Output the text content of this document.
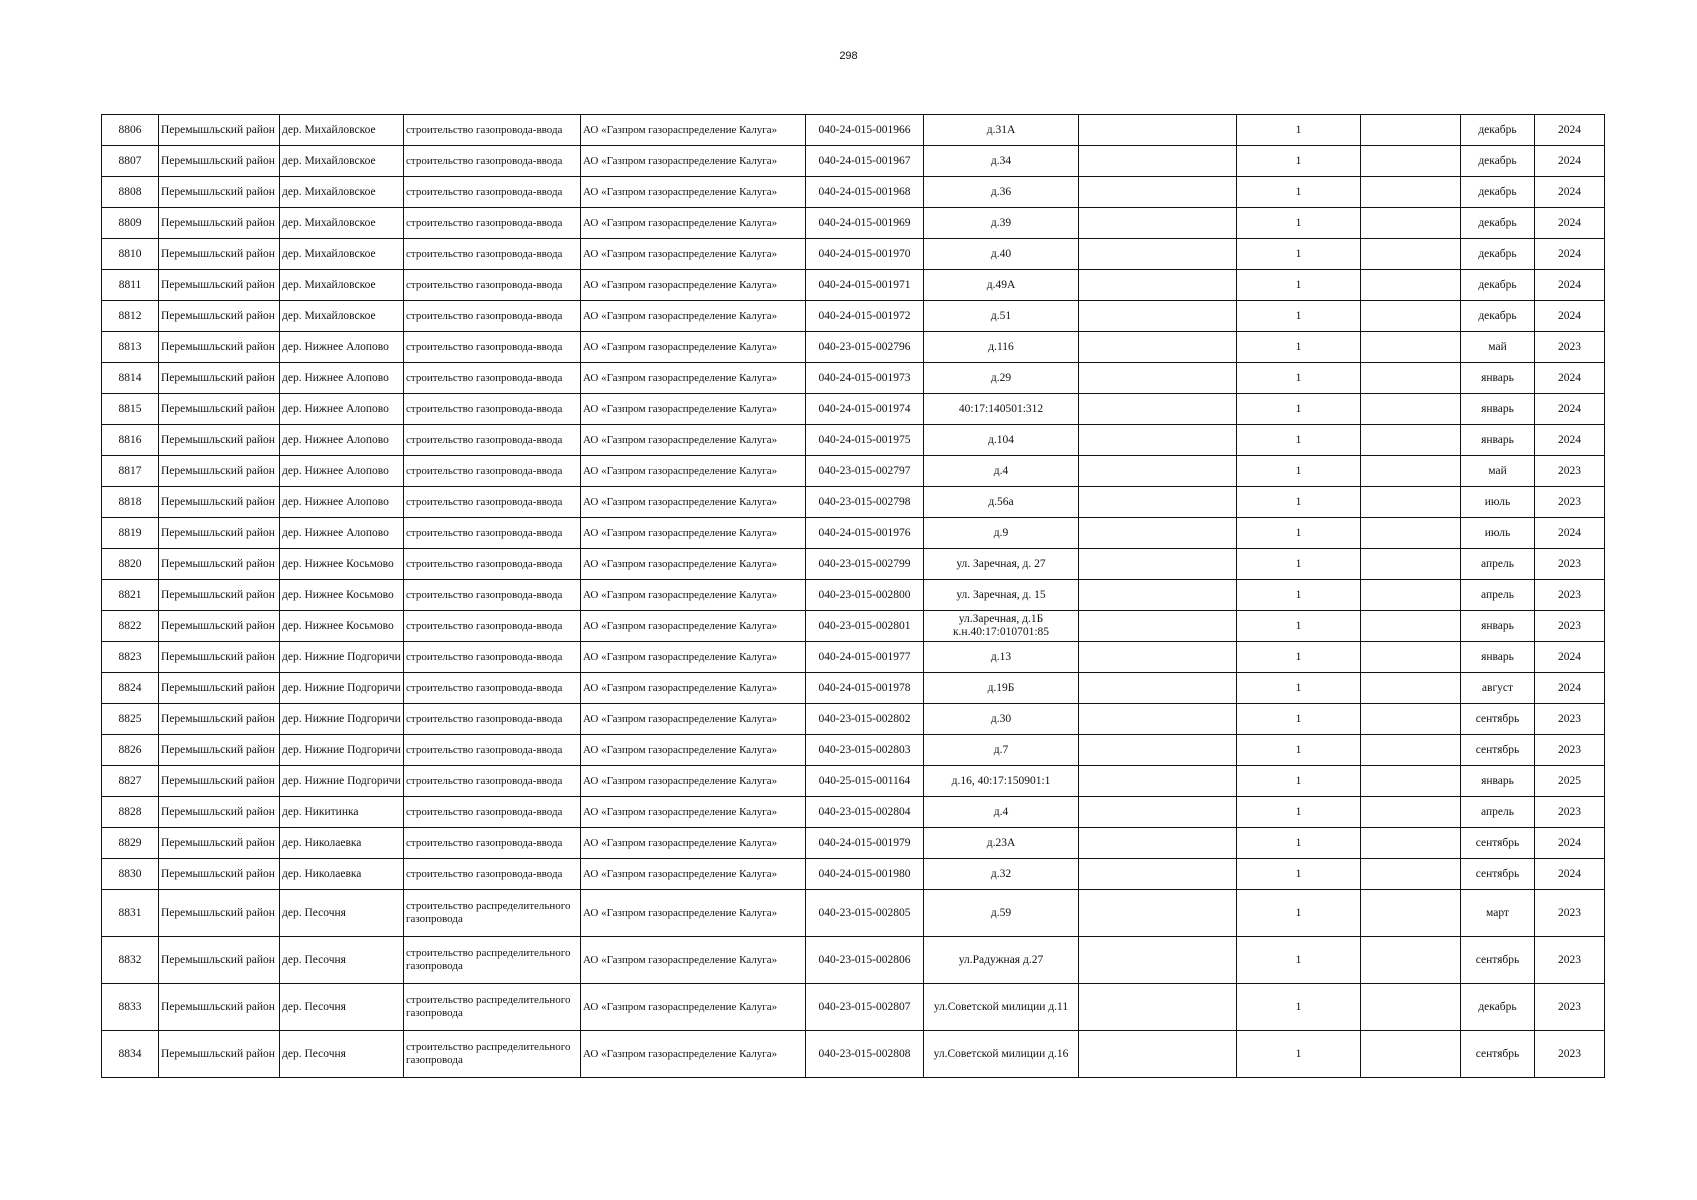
298
8806	Перемышльский район	дер. Михайловское	строительство газопровода-ввода	АО «Газпром газораспределение Калуга»	040-24-015-001966	д.31А		1		декабрь	2024
8807	Перемышльский район	дер. Михайловское	строительство газопровода-ввода	АО «Газпром газораспределение Калуга»	040-24-015-001967	д.34		1		декабрь	2024
8808	Перемышльский район	дер. Михайловское	строительство газопровода-ввода	АО «Газпром газораспределение Калуга»	040-24-015-001968	д.36		1		декабрь	2024
8809	Перемышльский район	дер. Михайловское	строительство газопровода-ввода	АО «Газпром газораспределение Калуга»	040-24-015-001969	д.39		1		декабрь	2024
8810	Перемышльский район	дер. Михайловское	строительство газопровода-ввода	АО «Газпром газораспределение Калуга»	040-24-015-001970	д.40		1		декабрь	2024
8811	Перемышльский район	дер. Михайловское	строительство газопровода-ввода	АО «Газпром газораспределение Калуга»	040-24-015-001971	д.49А		1		декабрь	2024
8812	Перемышльский район	дер. Михайловское	строительство газопровода-ввода	АО «Газпром газораспределение Калуга»	040-24-015-001972	д.51		1		декабрь	2024
8813	Перемышльский район	дер. Нижнее Алопово	строительство газопровода-ввода	АО «Газпром газораспределение Калуга»	040-23-015-002796	д.116		1		май	2023
8814	Перемышльский район	дер. Нижнее Алопово	строительство газопровода-ввода	АО «Газпром газораспределение Калуга»	040-24-015-001973	д.29		1		январь	2024
8815	Перемышльский район	дер. Нижнее Алопово	строительство газопровода-ввода	АО «Газпром газораспределение Калуга»	040-24-015-001974	40:17:140501:312		1		январь	2024
8816	Перемышльский район	дер. Нижнее Алопово	строительство газопровода-ввода	АО «Газпром газораспределение Калуга»	040-24-015-001975	д.104		1		январь	2024
8817	Перемышльский район	дер. Нижнее Алопово	строительство газопровода-ввода	АО «Газпром газораспределение Калуга»	040-23-015-002797	д.4		1		май	2023
8818	Перемышльский район	дер. Нижнее Алопово	строительство газопровода-ввода	АО «Газпром газораспределение Калуга»	040-23-015-002798	д.56а		1		июль	2023
8819	Перемышльский район	дер. Нижнее Алопово	строительство газопровода-ввода	АО «Газпром газораспределение Калуга»	040-24-015-001976	д.9		1		июль	2024
8820	Перемышльский район	дер. Нижнее Косьмово	строительство газопровода-ввода	АО «Газпром газораспределение Калуга»	040-23-015-002799	ул. Заречная, д. 27		1		апрель	2023
8821	Перемышльский район	дер. Нижнее Косьмово	строительство газопровода-ввода	АО «Газпром газораспределение Калуга»	040-23-015-002800	ул. Заречная, д. 15		1		апрель	2023
8822	Перемышльский район	дер. Нижнее Косьмово	строительство газопровода-ввода	АО «Газпром газораспределение Калуга»	040-23-015-002801	ул.Заречная, д.1Б к.н.40:17:010701:85		1		январь	2023
8823	Перемышльский район	дер. Нижние Подгоричи	строительство газопровода-ввода	АО «Газпром газораспределение Калуга»	040-24-015-001977	д.13		1		январь	2024
8824	Перемышльский район	дер. Нижние Подгоричи	строительство газопровода-ввода	АО «Газпром газораспределение Калуга»	040-24-015-001978	д.19Б		1		август	2024
8825	Перемышльский район	дер. Нижние Подгоричи	строительство газопровода-ввода	АО «Газпром газораспределение Калуга»	040-23-015-002802	д.30		1		сентябрь	2023
8826	Перемышльский район	дер. Нижние Подгоричи	строительство газопровода-ввода	АО «Газпром газораспределение Калуга»	040-23-015-002803	д.7		1		сентябрь	2023
8827	Перемышльский район	дер. Нижние Подгоричи	строительство газопровода-ввода	АО «Газпром газораспределение Калуга»	040-25-015-001164	д.16, 40:17:150901:1		1		январь	2025
8828	Перемышльский район	дер. Никитинка	строительство газопровода-ввода	АО «Газпром газораспределение Калуга»	040-23-015-002804	д.4		1		апрель	2023
8829	Перемышльский район	дер. Николаевка	строительство газопровода-ввода	АО «Газпром газораспределение Калуга»	040-24-015-001979	д.23А		1		сентябрь	2024
8830	Перемышльский район	дер. Николаевка	строительство газопровода-ввода	АО «Газпром газораспределение Калуга»	040-24-015-001980	д.32		1		сентябрь	2024
8831	Перемышльский район	дер. Песочня	строительство распределительного газопровода	АО «Газпром газораспределение Калуга»	040-23-015-002805	д.59		1		март	2023
8832	Перемышльский район	дер. Песочня	строительство распределительного газопровода	АО «Газпром газораспределение Калуга»	040-23-015-002806	ул.Радужная д.27		1		сентябрь	2023
8833	Перемышльский район	дер. Песочня	строительство распределительного газопровода	АО «Газпром газораспределение Калуга»	040-23-015-002807	ул.Советской милиции д.11		1		декабрь	2023
8834	Перемышльский район	дер. Песочня	строительство распределительного газопровода	АО «Газпром газораспределение Калуга»	040-23-015-002808	ул.Советской милиции д.16		1		сентябрь	2023
